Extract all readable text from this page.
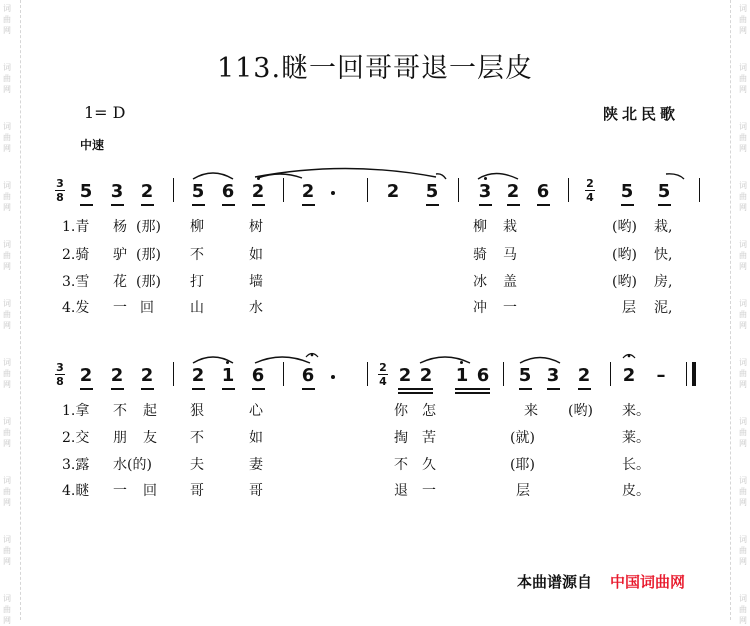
词
曲
网
词
曲
网
词
曲
网
词
曲
网
词
曲
网
词
曲
网
词
曲
网
词
曲
网
词
曲
网
词
曲
网
词
曲
网
词
曲
网
词
曲
网
词
曲
网
词
曲
网
词
曲
网
词
曲
网
词
曲
网
词
曲
网
词
曲
网
词
曲
网
词
曲
网
113.瞇一回哥哥退一层皮
1= D	陕北民歌
中速
3
8 5 3 2 5 6 2 2	2 5 3 2 6	2
4 5 5
1.青 杨 (那) 柳	树	柳 栽	(哟) 栽,
2.骑 驴 (那) 不	如	骑 马	(哟) 快,
3.雪 花 (那) 打	墙	冰 盖	(哟) 房,
4.发 一 回	山	水	冲 一	层 泥,
3
8 2 2 2 2 1 6 6	2
4 2 2 1 6 5 3 2 2 –
1.拿 不 起 狠	心	你 怎	来 (哟) 来。
2.交 朋 友 不	如	掏 苦	(就)	莱。
3.露 水(的)	夫	妻	不 久	(耶)	长。
4.瞇 一 回 哥	哥	退 一	层	皮。
本曲谱源自 中国词曲网
